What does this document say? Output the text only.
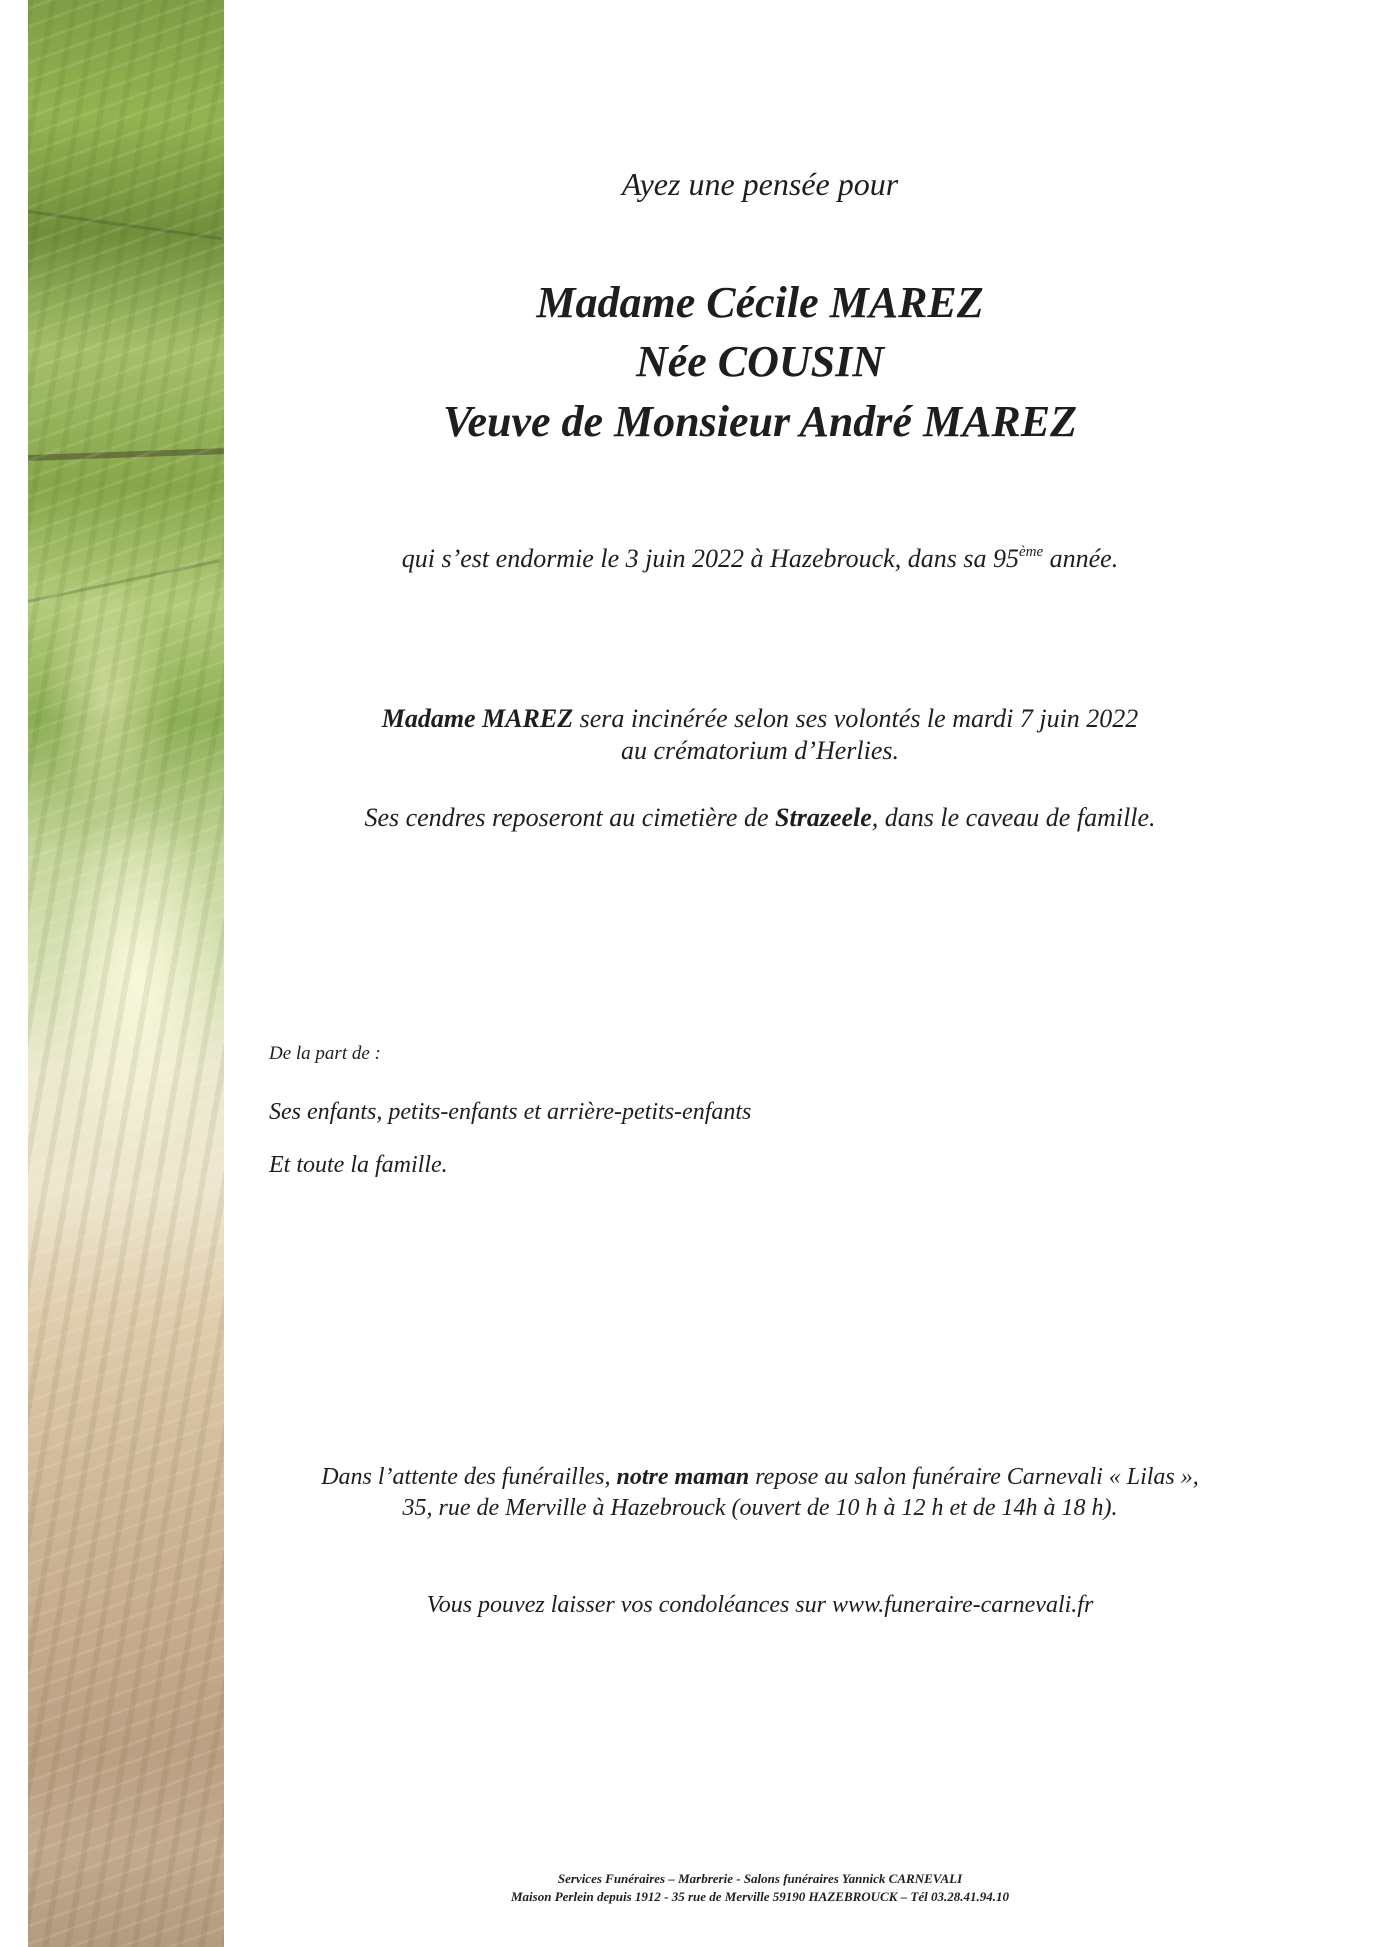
Ayez une pensée pour
Madame Cécile MAREZ
Née COUSIN
Veuve de Monsieur André MAREZ
qui s’est endormie le 3 juin 2022 à Hazebrouck, dans sa 95ème année.
Madame MAREZ sera incinérée selon ses volontés le mardi 7 juin 2022
au crématorium d’Herlies.
Ses cendres reposeront au cimetière de Strazeele, dans le caveau de famille.
De la part de :
Ses enfants, petits-enfants et arrière-petits-enfants
Et toute la famille.
Dans l’attente des funérailles, notre maman repose au salon funéraire Carnevali « Lilas »,
35, rue de Merville à Hazebrouck (ouvert de 10 h à 12 h et de 14h à 18 h).
Vous pouvez laisser vos condoléances sur www.funeraire-carnevali.fr
Services Funéraires – Marbrerie - Salons funéraires Yannick CARNEVALI
Maison Perlein depuis 1912 - 35 rue de Merville 59190 HAZEBROUCK – Tél 03.28.41.94.10
